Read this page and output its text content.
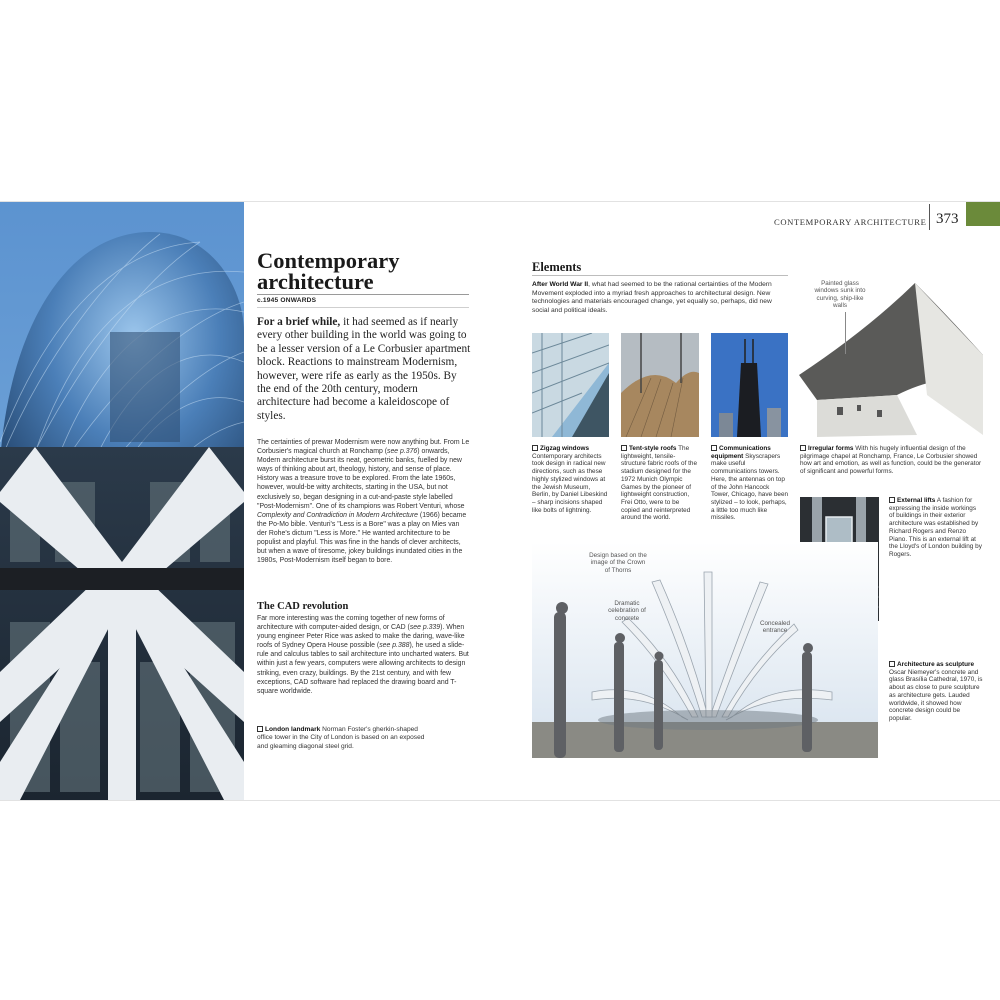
Contemporary
architecture
c.1945 ONWARDS
For a brief while, it had seemed as if nearly every other building in the world was going to be a lesser version of a Le Corbusier apartment block. Reactions to mainstream Modernism, however, were rife as early as the 1950s. By the end of the 20th century, modern architecture had become a kaleidoscope of styles.
The certainties of prewar Modernism were now anything but. From Le Corbusier's magical church at Ronchamp (see p.376) onwards, Modern architecture burst its neat, geometric banks, fuelled by new ways of thinking about art, theology, history, and sense of place. History was a treasure trove to be explored. From the late 1960s, however, would-be witty architects, starting in the USA, but not exclusively so, began designing in a cut-and-paste style labelled "Post-Modernism". One of its champions was Robert Venturi, whose Complexity and Contradiction in Modern Architecture (1966) became the Po-Mo bible. Venturi's "Less is a Bore" was a play on Mies van der Rohe's dictum "Less is More." He wanted architecture to be populist and playful. This was fine in the hands of clever architects, but when a wave of tiresome, jokey buildings inundated cities in the 1980s, Post-Modernism itself began to bore.
The CAD revolution
Far more interesting was the coming together of new forms of architecture with computer-aided design, or CAD (see p.339). When young engineer Peter Rice was asked to make the daring, wave-like roofs of Sydney Opera House possible (see p.388), he used a slide-rule and calculus tables to sail architecture into uncharted waters. But within just a few years, computers were allowing architects to design striking, even crazy, buildings. By the 21st century, and with few exceptions, CAD software had replaced the drawing board and T-square worldwide.
London landmark Norman Foster's gherkin-shaped office tower in the City of London is based on an exposed and gleaming diagonal steel grid.
CONTEMPORARY ARCHITECTURE 373
Elements
After World War II, what had seemed to be the rational certainties of the Modern Movement exploded into a myriad fresh approaches to architectural design. New technologies and materials encouraged change, yet equally so, perhaps, did new social and political ideals.
Painted glass windows sunk into curving, ship-like walls
Zigzag windows Contemporary architects took design in radical new directions, such as these highly stylized windows at the Jewish Museum, Berlin, by Daniel Libeskind – sharp incisions shaped like bolts of lightning.
Tent-style roofs The lightweight, tensile-structure fabric roofs of the stadium designed for the 1972 Munich Olympic Games by the pioneer of lightweight construction, Frei Otto, were to be copied and reinterpreted around the world.
Communications equipment Skyscrapers make useful communications towers. Here, the antennas on top of the John Hancock Tower, Chicago, have been stylized – to look, perhaps, a little too much like missiles.
Irregular forms With his hugely influential design of the pilgrimage chapel at Ronchamp, France, Le Corbusier showed how art and emotion, as well as function, could be the generator of significant and powerful forms.
External lifts A fashion for expressing the inside workings of buildings in their exterior architecture was established by Richard Rogers and Renzo Piano. This is an external lift at the Lloyd's of London building by Rogers.
Design based on the image of the Crown of Thorns
Dramatic celebration of concrete
Concealed entrance
Architecture as sculpture Oscar Niemeyer's concrete and glass Brasília Cathedral, 1970, is about as close to pure sculpture as architecture gets. Lauded worldwide, it showed how concrete design could be popular.
